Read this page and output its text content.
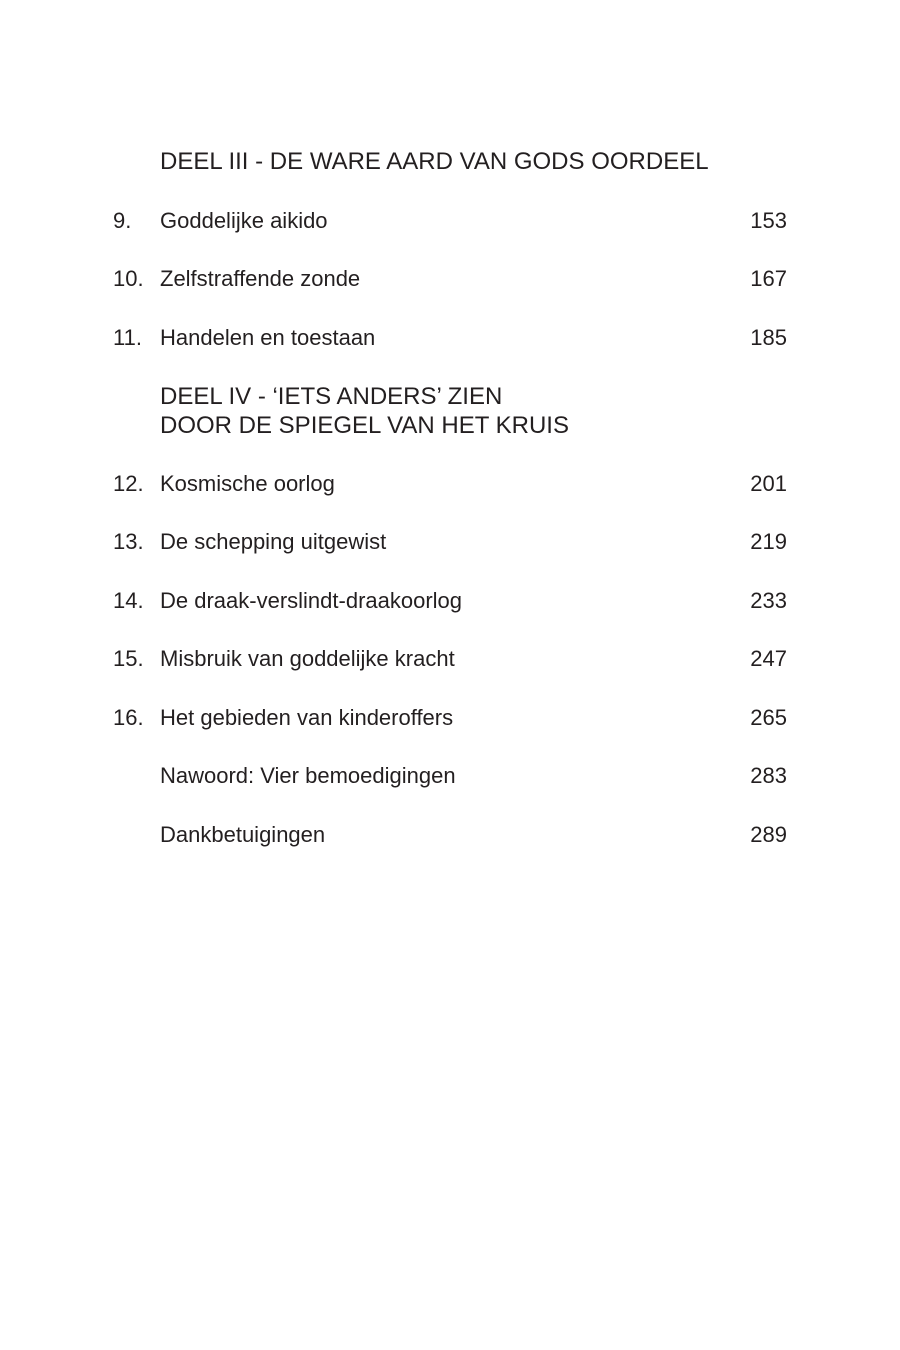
DEEL III - DE WARE AARD VAN GODS OORDEEL
9. Goddelijke aikido	153
10. Zelfstraffende zonde	167
11. Handelen en toestaan	185
DEEL IV - ‘IETS ANDERS’ ZIEN
DOOR DE SPIEGEL VAN HET KRUIS
12. Kosmische oorlog	201
13. De schepping uitgewist	219
14. De draak-verslindt-draakoorlog	233
15. Misbruik van goddelijke kracht	247
16. Het gebieden van kinderoffers	265
Nawoord: Vier bemoedigingen	283
Dankbetuigingen	289
